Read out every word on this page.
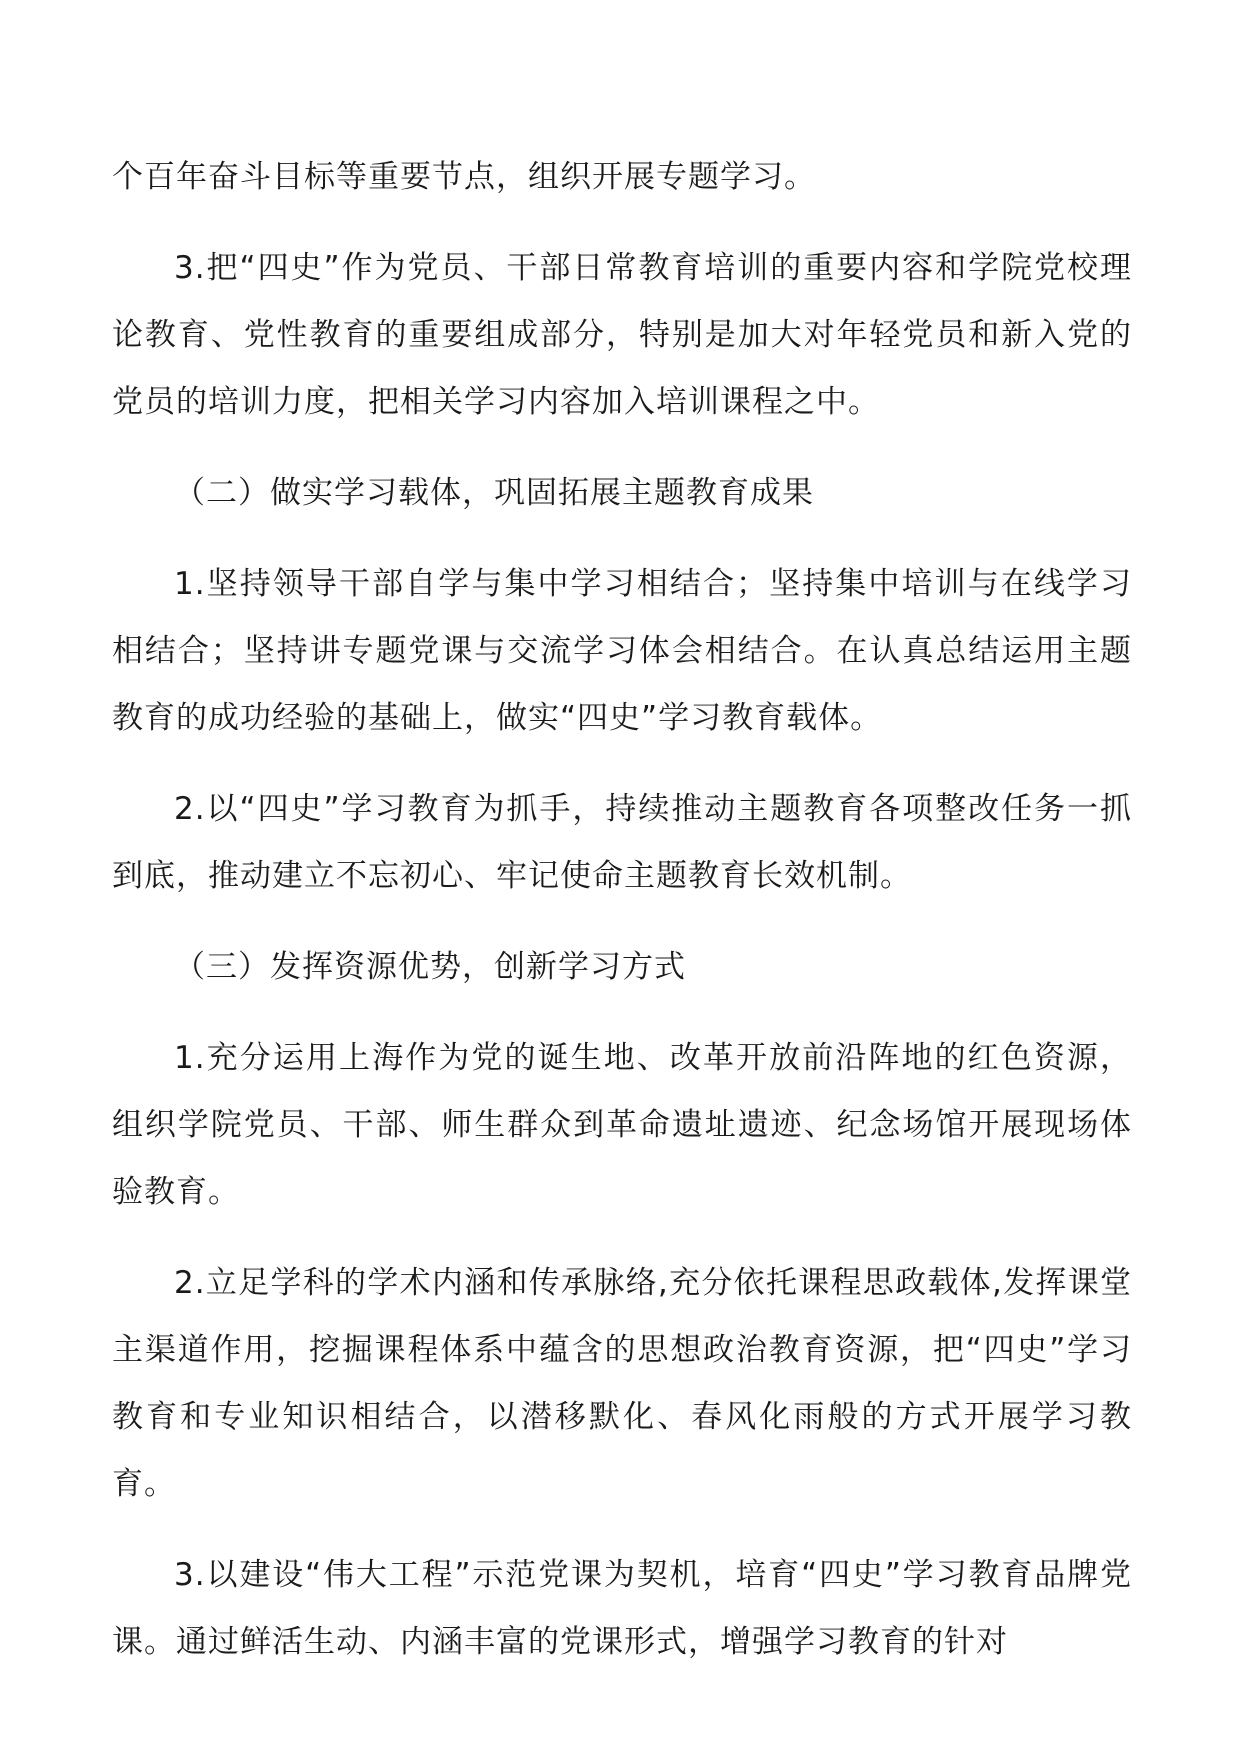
个百年奋斗目标等重要节点，组织开展专题学习。

3.把“四史”作为党员、干部日常教育培训的重要内容和学院党校理论教育、党性教育的重要组成部分，特别是加大对年轻党员和新入党的党员的培训力度，把相关学习内容加入培训课程之中。

（二）做实学习载体，巩固拓展主题教育成果

1.坚持领导干部自学与集中学习相结合；坚持集中培训与在线学习相结合；坚持讲专题党课与交流学习体会相结合。在认真总结运用主题教育的成功经验的基础上，做实“四史”学习教育载体。

2.以“四史”学习教育为抓手，持续推动主题教育各项整改任务一抓到底，推动建立不忘初心、牢记使命主题教育长效机制。

（三）发挥资源优势，创新学习方式

1.充分运用上海作为党的诞生地、改革开放前沿阵地的红色资源，组织学院党员、干部、师生群众到革命遗址遗迹、纪念场馆开展现场体验教育。

2.立足学科的学术内涵和传承脉络,充分依托课程思政载体,发挥课堂主渠道作用，挖掘课程体系中蕴含的思想政治教育资源，把“四史”学习教育和专业知识相结合，以潜移默化、春风化雨般的方式开展学习教育。

3.以建设“伟大工程”示范党课为契机，培育“四史”学习教育品牌党课。通过鲜活生动、内涵丰富的党课形式，增强学习教育的针对
